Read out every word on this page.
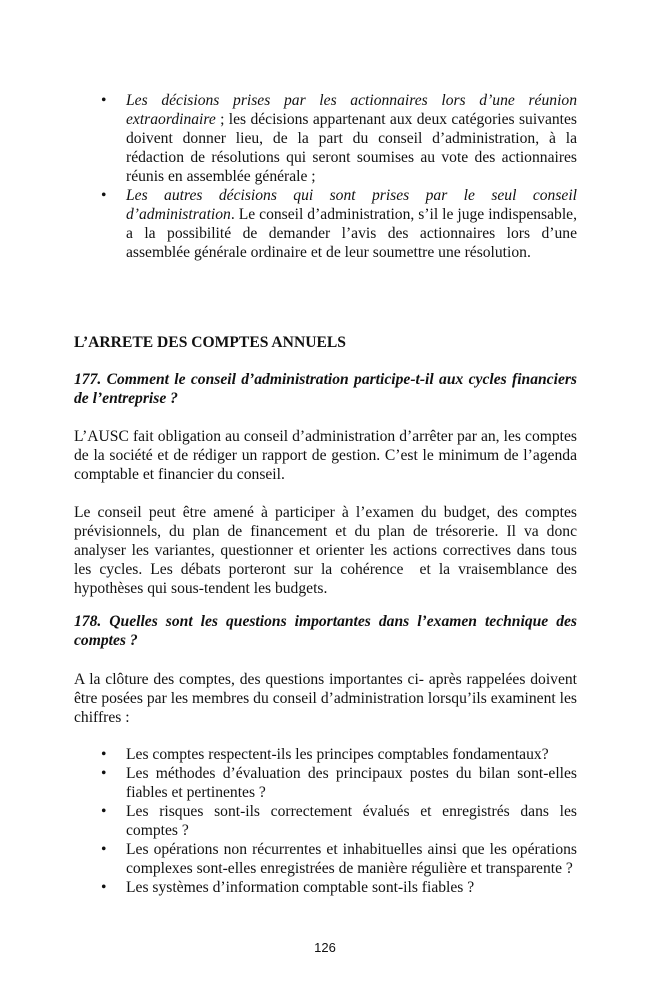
• Les décisions prises par les actionnaires lors d’une réunion extraordinaire ; les décisions appartenant aux deux catégories suivantes doivent donner lieu, de la part du conseil d’administration, à la rédaction de résolutions qui seront soumises au vote des actionnaires réunis en assemblée générale ;
• Les autres décisions qui sont prises par le seul conseil d’administration. Le conseil d’administration, s’il le juge indispensable, a la possibilité de demander l’avis des actionnaires lors d’une assemblée générale ordinaire et de leur soumettre une résolution.
L’ARRETE DES COMPTES ANNUELS
177. Comment le conseil d’administration participe-t-il aux cycles financiers de l’entreprise ?
L’AUSC fait obligation au conseil d’administration d’arrêter par an, les comptes de la société et de rédiger un rapport de gestion. C’est le minimum de l’agenda comptable et financier du conseil.
Le conseil peut être amené à participer à l’examen du budget, des comptes prévisionnels, du plan de financement et du plan de trésorerie. Il va donc analyser les variantes, questionner et orienter les actions correctives dans tous les cycles. Les débats porteront sur la cohérence  et la vraisemblance des hypothèses qui sous-tendent les budgets.
178. Quelles sont les questions importantes dans l’examen technique des comptes ?
A la clôture des comptes, des questions importantes ci- après rappelées doivent être posées par les membres du conseil d’administration lorsqu’ils examinent les chiffres :
• Les comptes respectent-ils les principes comptables fondamentaux?
• Les méthodes d’évaluation des principaux postes du bilan sont-elles fiables et pertinentes ?
• Les risques sont-ils correctement évalués et enregistrés dans les comptes ?
• Les opérations non récurrentes et inhabituelles ainsi que les opérations complexes sont-elles enregistrées de manière régulière et transparente ?
• Les systèmes d’information comptable sont-ils fiables ?
126
